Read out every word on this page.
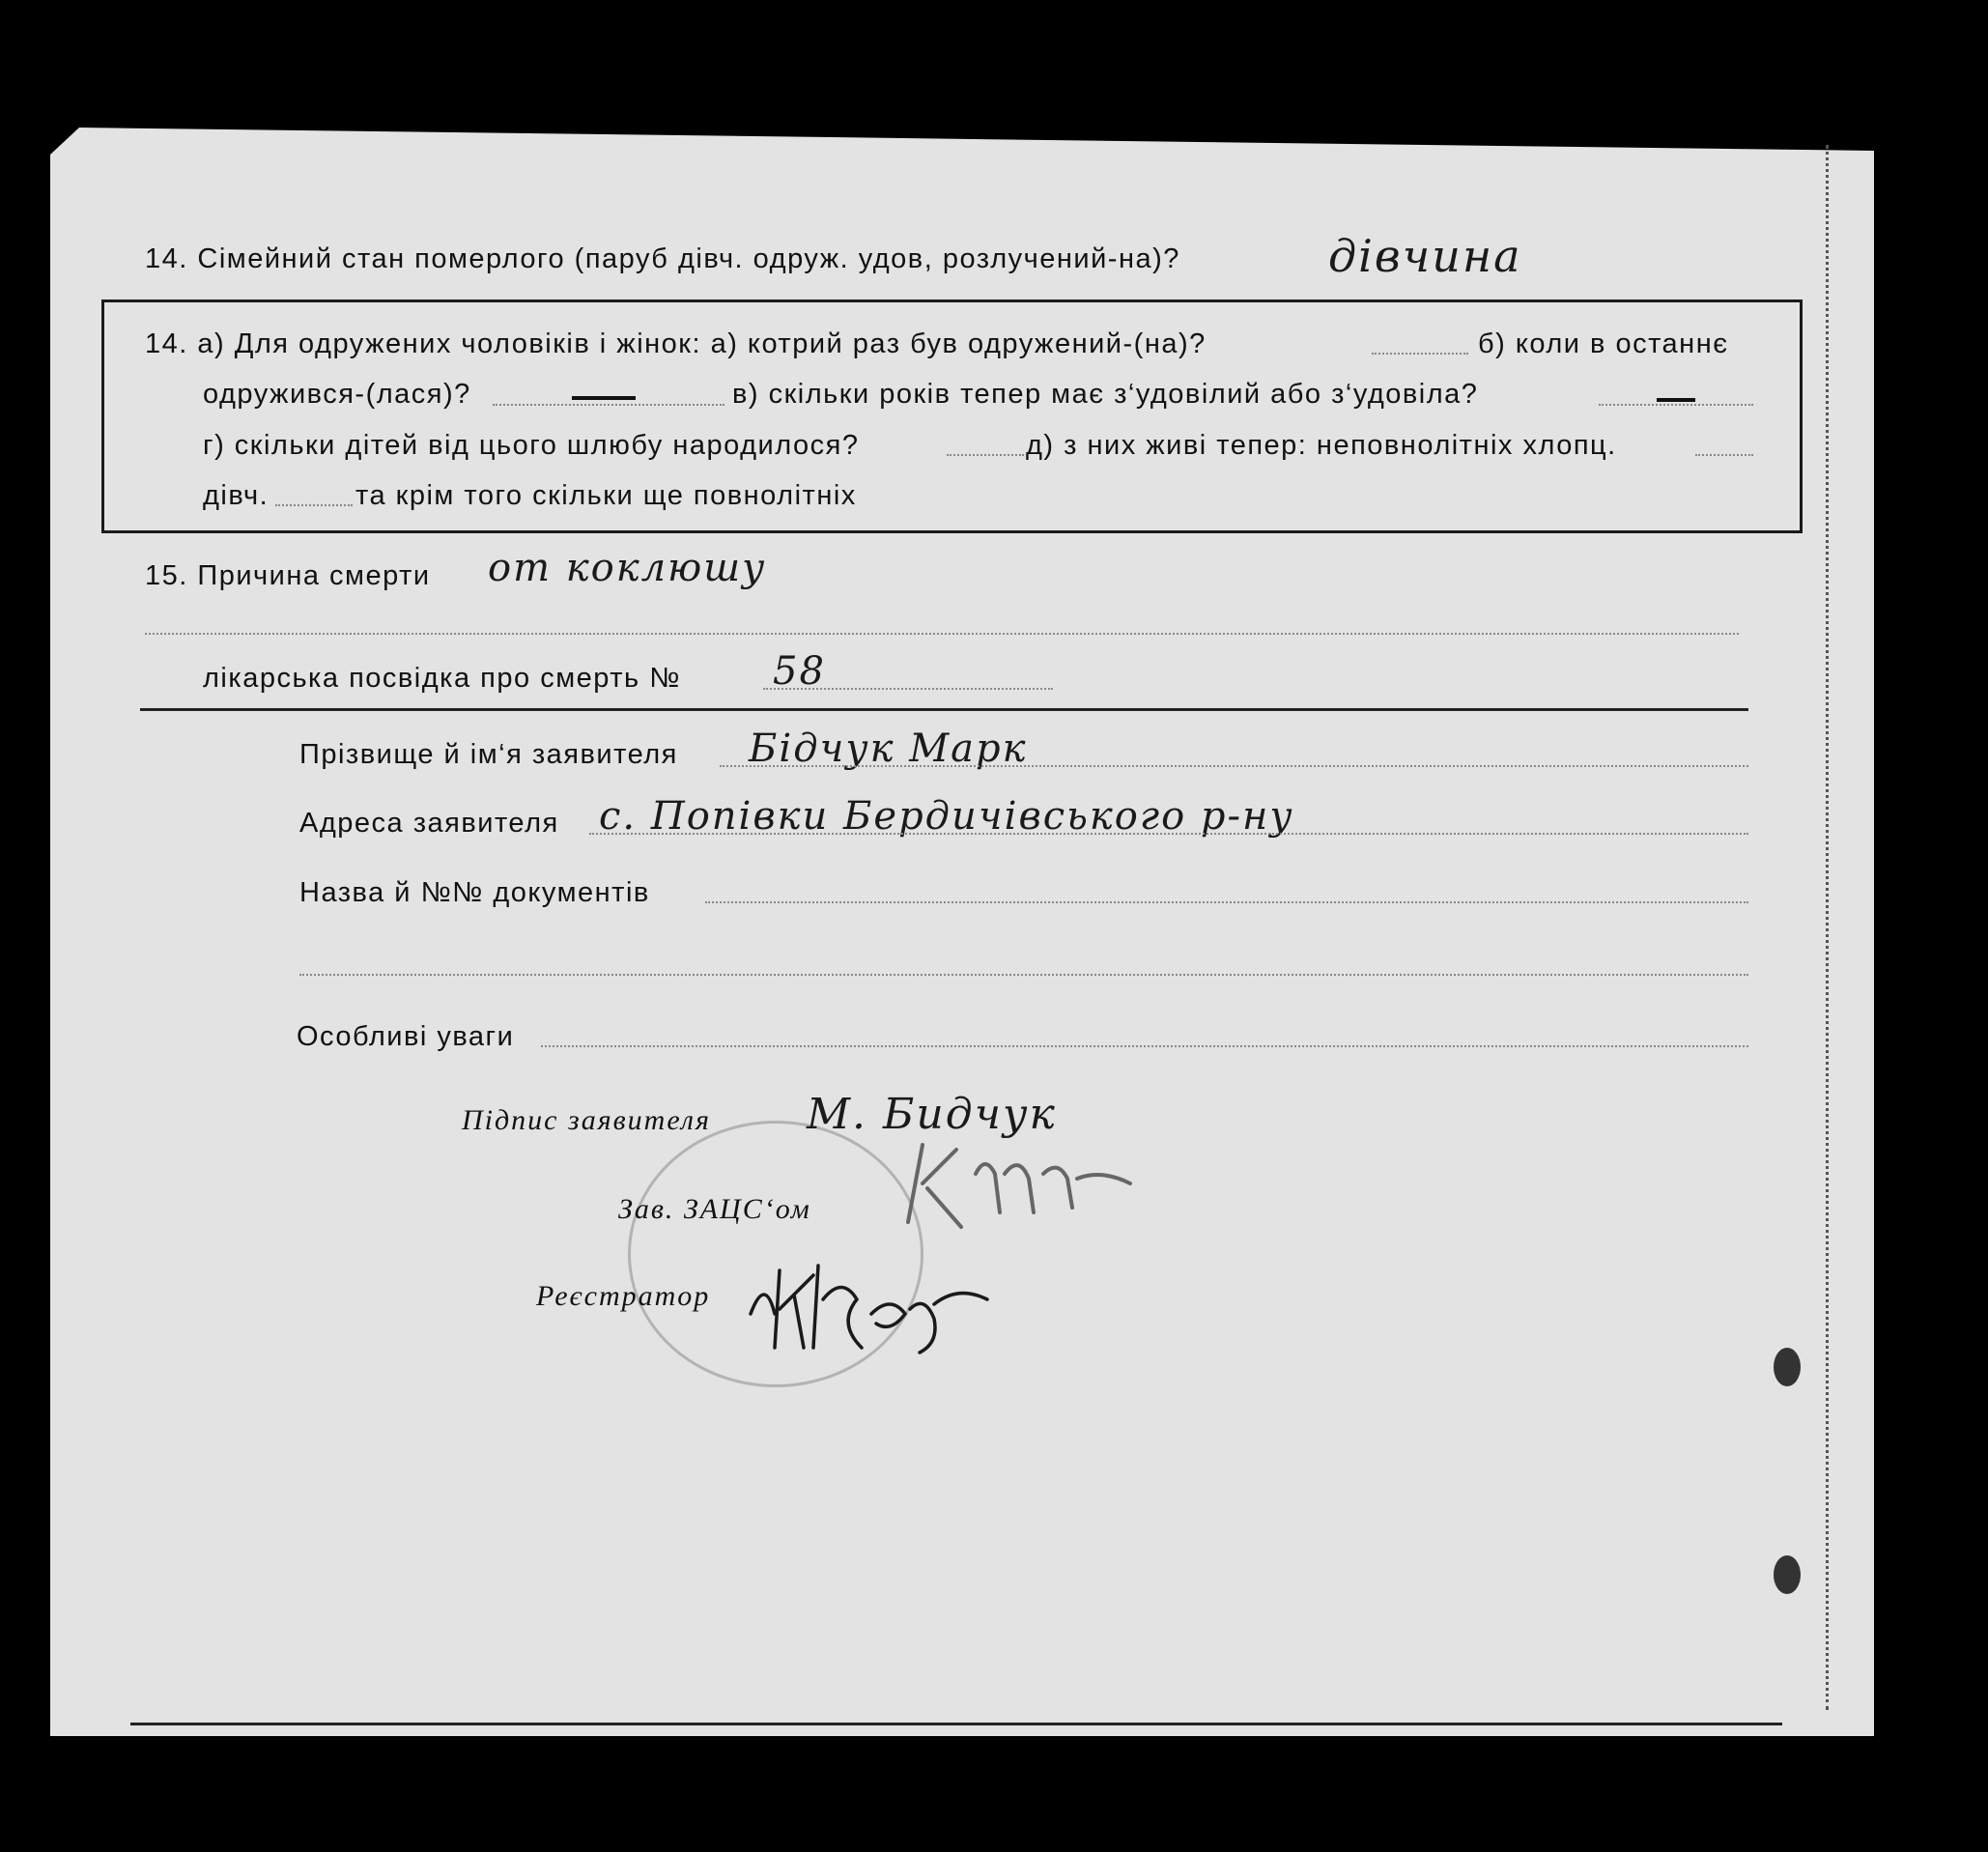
14. Сімейний стан померлого (паруб дівч. одруж. удов, розлучений-на)?	дівчина
14. а) Для одружених чоловіків і жінок: а) котрий раз був одружений-(на)?	б) коли в останнє
одружився-(лася)?	в) скільки років тепер має з‘удовілий або з‘удовіла?
г) скільки дітей від цього шлюбу народилося?	д) з них живі тепер: неповнолітніх хлопц.
дівч.	та крім того скільки ще повнолітніх
15. Причина смерти от коклюшу
лікарська посвідка про смерть № 58
Прізвище й ім‘я заявителя Бідчук Марк
Адреса заявителя с. Попівки Бердичівського р-ну
Назва й №№ документів
Особливі уваги
Підпис заявителя М. Бидчук
Зав. ЗАЦС‘ом
Реєстратор
